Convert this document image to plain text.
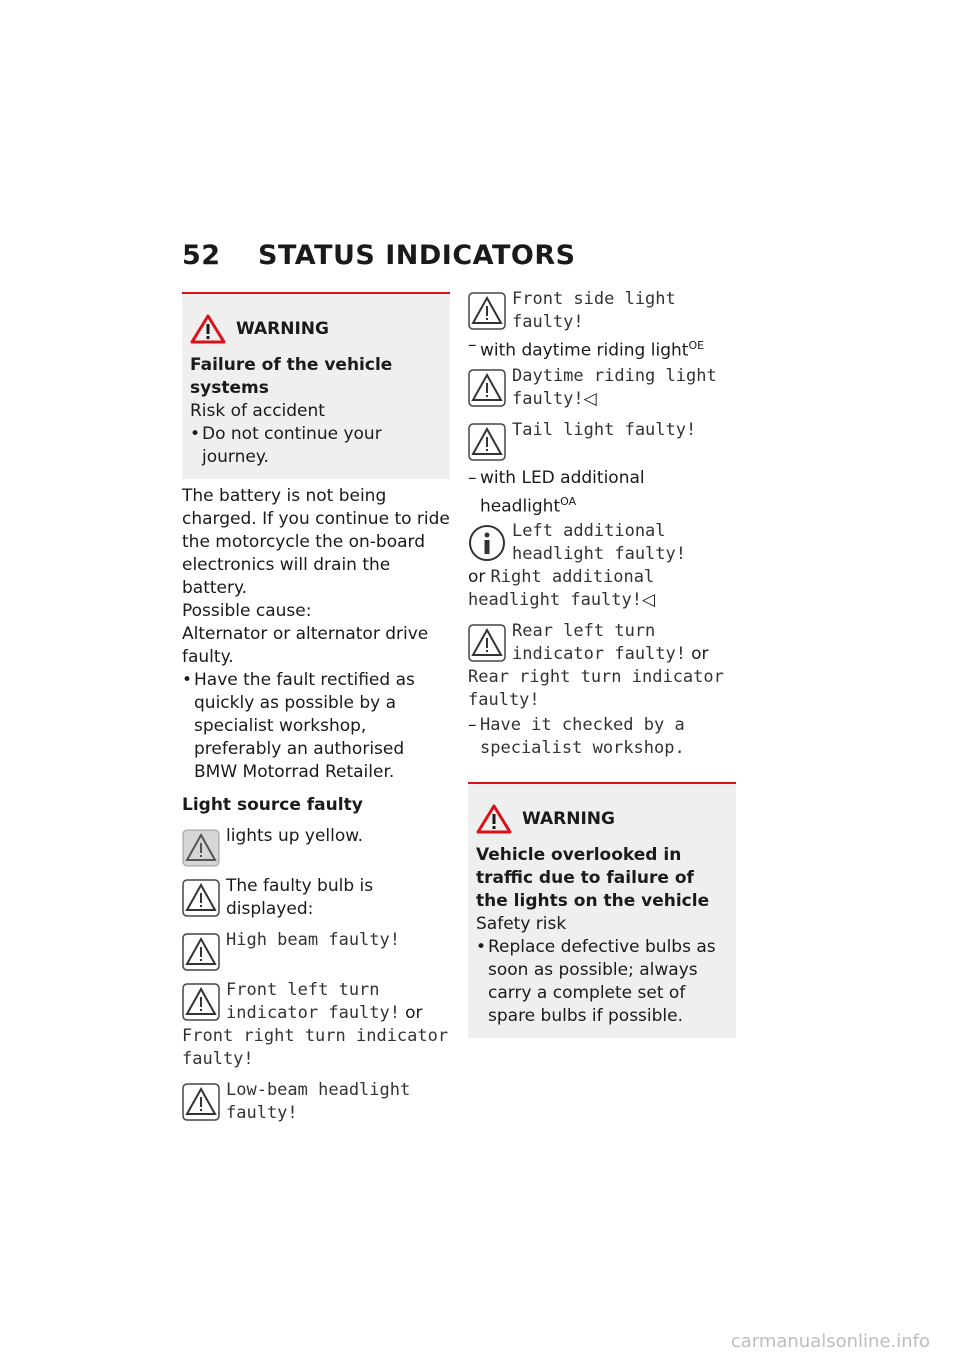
52 STATUS INDICATORS
WARNING
Failure of the vehicle systems
Risk of accident
• Do not continue your journey.
The battery is not being charged. If you continue to ride the motorcycle the on-board electronics will drain the battery.
Possible cause:
Alternator or alternator drive faulty.
• Have the fault rectified as quickly as possible by a specialist workshop, preferably an authorised BMW Motorrad Retailer.
Light source faulty
lights up yellow.
The faulty bulb is displayed:
High beam faulty!
Front left turn indicator faulty! or
Front right turn indicator faulty!
Low-beam headlight faulty!
Front side light faulty!
– with daytime riding light$^{OE}$
Daytime riding light faulty!◁
Tail light faulty!
– with LED additional headlight$^{OA}$
Left additional headlight faulty!
or Right additional headlight faulty!◁
Rear left turn indicator faulty! or
Rear right turn indicator faulty!
– Have it checked by a specialist workshop.
WARNING
Vehicle overlooked in traffic due to failure of the lights on the vehicle
Safety risk
• Replace defective bulbs as soon as possible; always carry a complete set of spare bulbs if possible.
carmanualsonline.info
